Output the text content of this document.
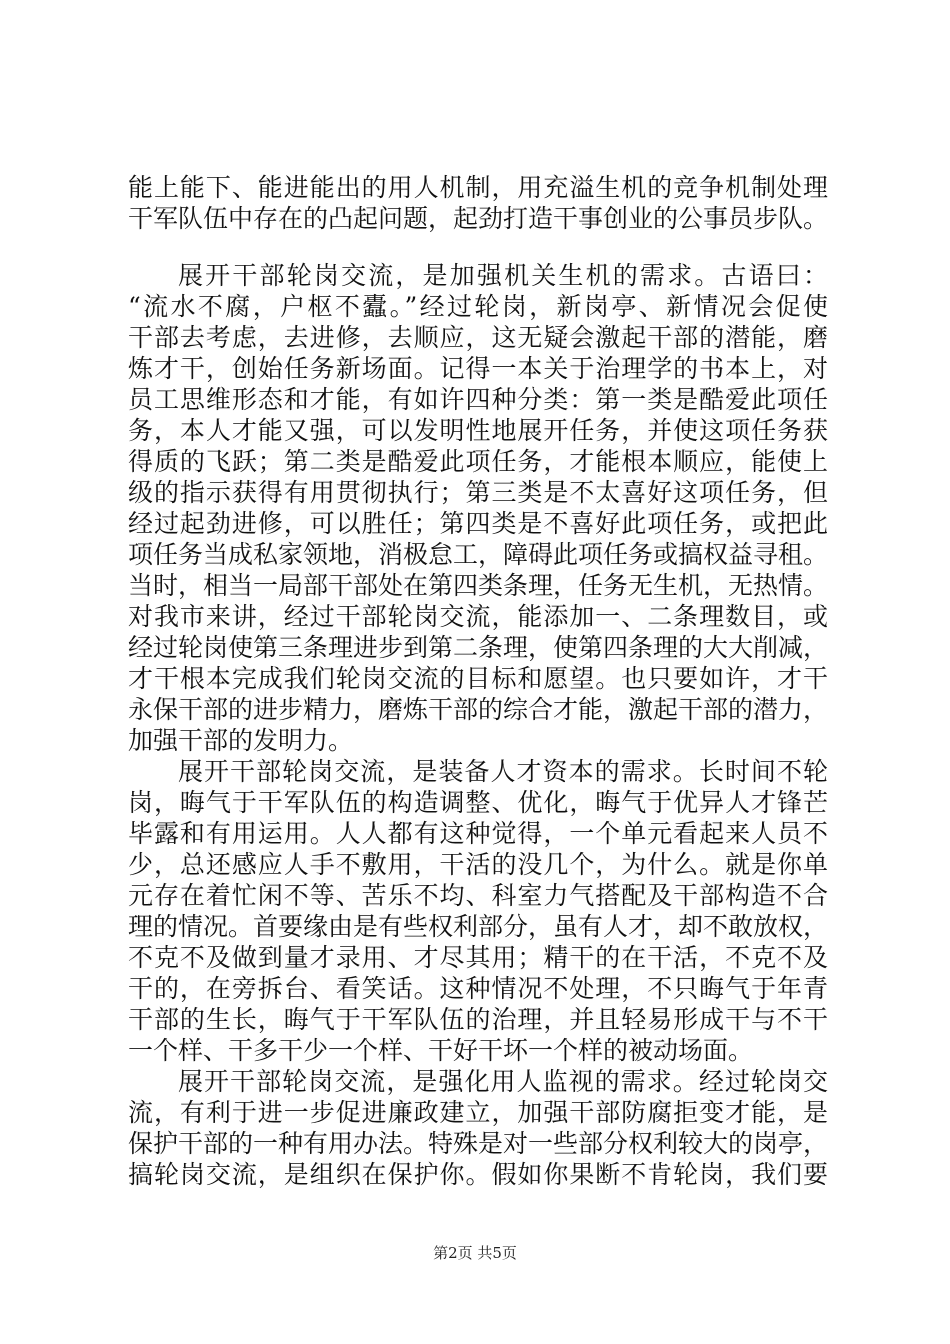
能上能下、能进能出的用人机制，用充溢生机的竞争机制处理
干军队伍中存在的凸起问题，起劲打造干事创业的公事员步队。
展开干部轮岗交流，是加强机关生机的需求。古语曰：
“流水不腐，户枢不蠹。”经过轮岗，新岗亭、新情况会促使
干部去考虑，去进修，去顺应，这无疑会激起干部的潜能，磨
炼才干，创始任务新场面。记得一本关于治理学的书本上，对
员工思维形态和才能，有如许四种分类：第一类是酷爱此项任
务，本人才能又强，可以发明性地展开任务，并使这项任务获
得质的飞跃；第二类是酷爱此项任务，才能根本顺应，能使上
级的指示获得有用贯彻执行；第三类是不太喜好这项任务，但
经过起劲进修，可以胜任；第四类是不喜好此项任务，或把此
项任务当成私家领地，消极怠工，障碍此项任务或搞权益寻租。
当时，相当一局部干部处在第四类条理，任务无生机，无热情。
对我市来讲，经过干部轮岗交流，能添加一、二条理数目，或
经过轮岗使第三条理进步到第二条理，使第四条理的大大削减，
才干根本完成我们轮岗交流的目标和愿望。也只要如许，才干
永保干部的进步精力，磨炼干部的综合才能，激起干部的潜力，
加强干部的发明力。
展开干部轮岗交流，是装备人才资本的需求。长时间不轮
岗，晦气于干军队伍的构造调整、优化，晦气于优异人才锋芒
毕露和有用运用。人人都有这种觉得，一个单元看起来人员不
少，总还感应人手不敷用，干活的没几个，为什么。就是你单
元存在着忙闲不等、苦乐不均、科室力气搭配及干部构造不合
理的情况。首要缘由是有些权利部分，虽有人才，却不敢放权，
不克不及做到量才录用、才尽其用；精干的在干活，不克不及
干的，在旁拆台、看笑话。这种情况不处理，不只晦气于年青
干部的生长，晦气于干军队伍的治理，并且轻易形成干与不干
一个样、干多干少一个样、干好干坏一个样的被动场面。
展开干部轮岗交流，是强化用人监视的需求。经过轮岗交
流，有利于进一步促进廉政建立，加强干部防腐拒变才能，是
保护干部的一种有用办法。特殊是对一些部分权利较大的岗亭，
搞轮岗交流，是组织在保护你。假如你果断不肯轮岗，我们要
第2页 共5页
